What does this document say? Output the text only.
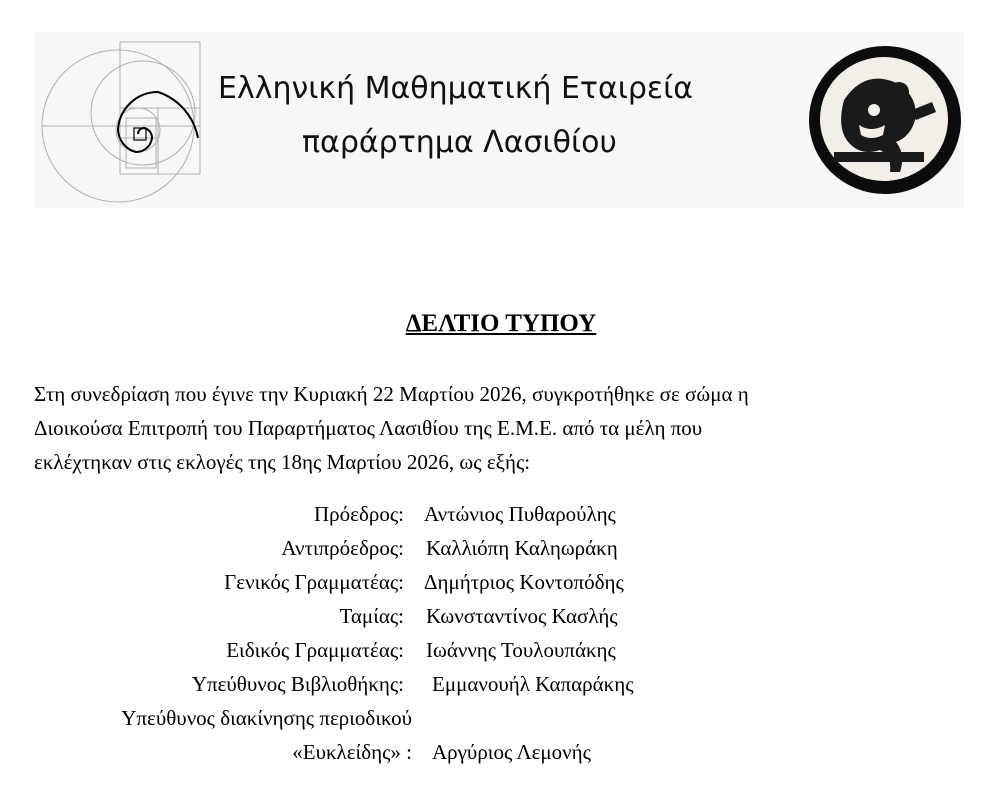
Ελληνική Μαθηματική Εταιρεία
παράρτημα Λασιθίου
ΔΕΛΤΙΟ ΤΥΠΟΥ
Στη συνεδρίαση που έγινε την Κυριακή 22 Μαρτίου 2026, συγκροτήθηκε σε σώμα η
Διοικούσα Επιτροπή του Παραρτήματος Λασιθίου της Ε.Μ.Ε. από τα μέλη που
εκλέχτηκαν στις εκλογές της 18ης Μαρτίου 2026, ως εξής:
Πρόεδρος: Αντώνιος Πυθαρούλης
Αντιπρόεδρος: Καλλιόπη Καληωράκη
Γενικός Γραμματέας: Δημήτριος Κοντοπόδης
Ταμίας: Κωνσταντίνος Κασλής
Ειδικός Γραμματέας: Ιωάννης Τουλουπάκης
Υπεύθυνος Βιβλιοθήκης: Εμμανουήλ Καπαράκης
Υπεύθυνος διακίνησης περιοδικού
«Ευκλείδης» : Αργύριος Λεμονής
